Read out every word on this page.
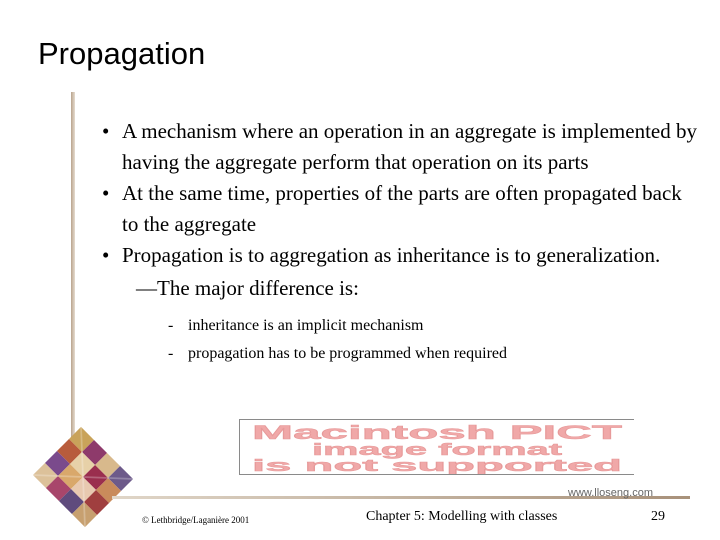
Propagation
• A mechanism where an operation in an aggregate is implemented by having the aggregate perform that operation on its parts
• At the same time, properties of the parts are often propagated back to the aggregate
• Propagation is to aggregation as inheritance is to generalization.
—The major difference is:
- inheritance is an implicit mechanism
- propagation has to be programmed when required
Macintosh PICT
image format
is not supported
www.lloseng.com
© Lethbridge/Laganière 2001	Chapter 5: Modelling with classes	29
